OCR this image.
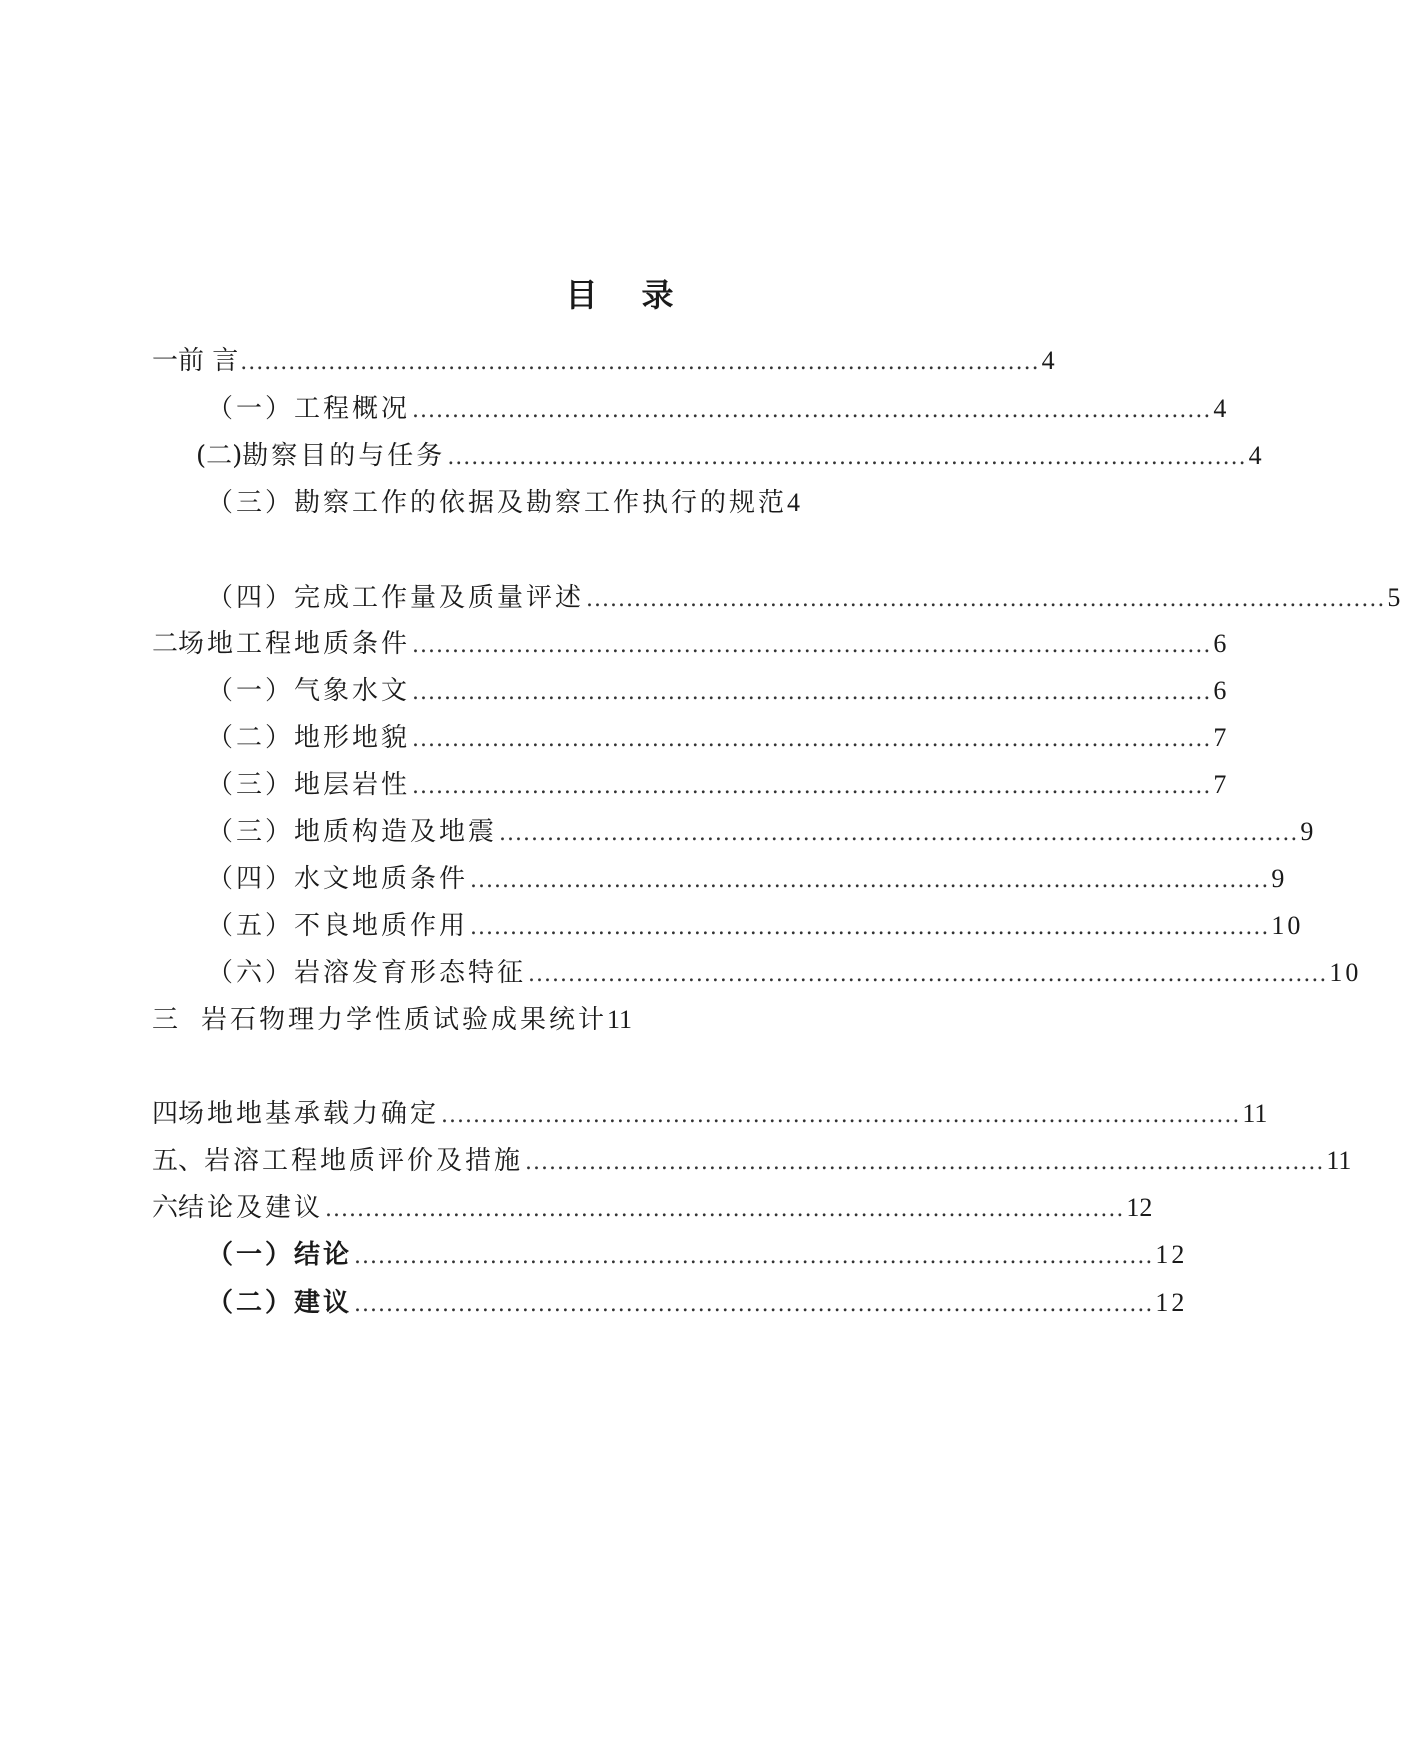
目 录
一 前 言 .................................................................................................... 4
（一） 工程概况 .................................................................................................... 4
(二) 勘察目的与任务 .................................................................................................... 4
（三） 勘察工作的依据及勘察工作执行的规范 4
（四） 完成工作量及质量评述 .................................................................................................... 5
二 场地工程地质条件 .................................................................................................... 6
（一） 气象水文 .................................................................................................... 6
（二） 地形地貌 .................................................................................................... 7
（三） 地层岩性 .................................................................................................... 7
（三） 地质构造及地震 .................................................................................................... 9
（四） 水文地质条件 .................................................................................................... 9
（五） 不良地质作用 .................................................................................................... 10
（六） 岩溶发育形态特征 .................................................................................................... 10
三 岩石物理力学性质试验成果统计 11
四 场地地基承载力确定 .................................................................................................... 11
五、 岩溶工程地质评价及措施 .................................................................................................... 11
六 结论及建议 .................................................................................................... 12
（一） 结论 .................................................................................................... 12
（二） 建议 .................................................................................................... 12
